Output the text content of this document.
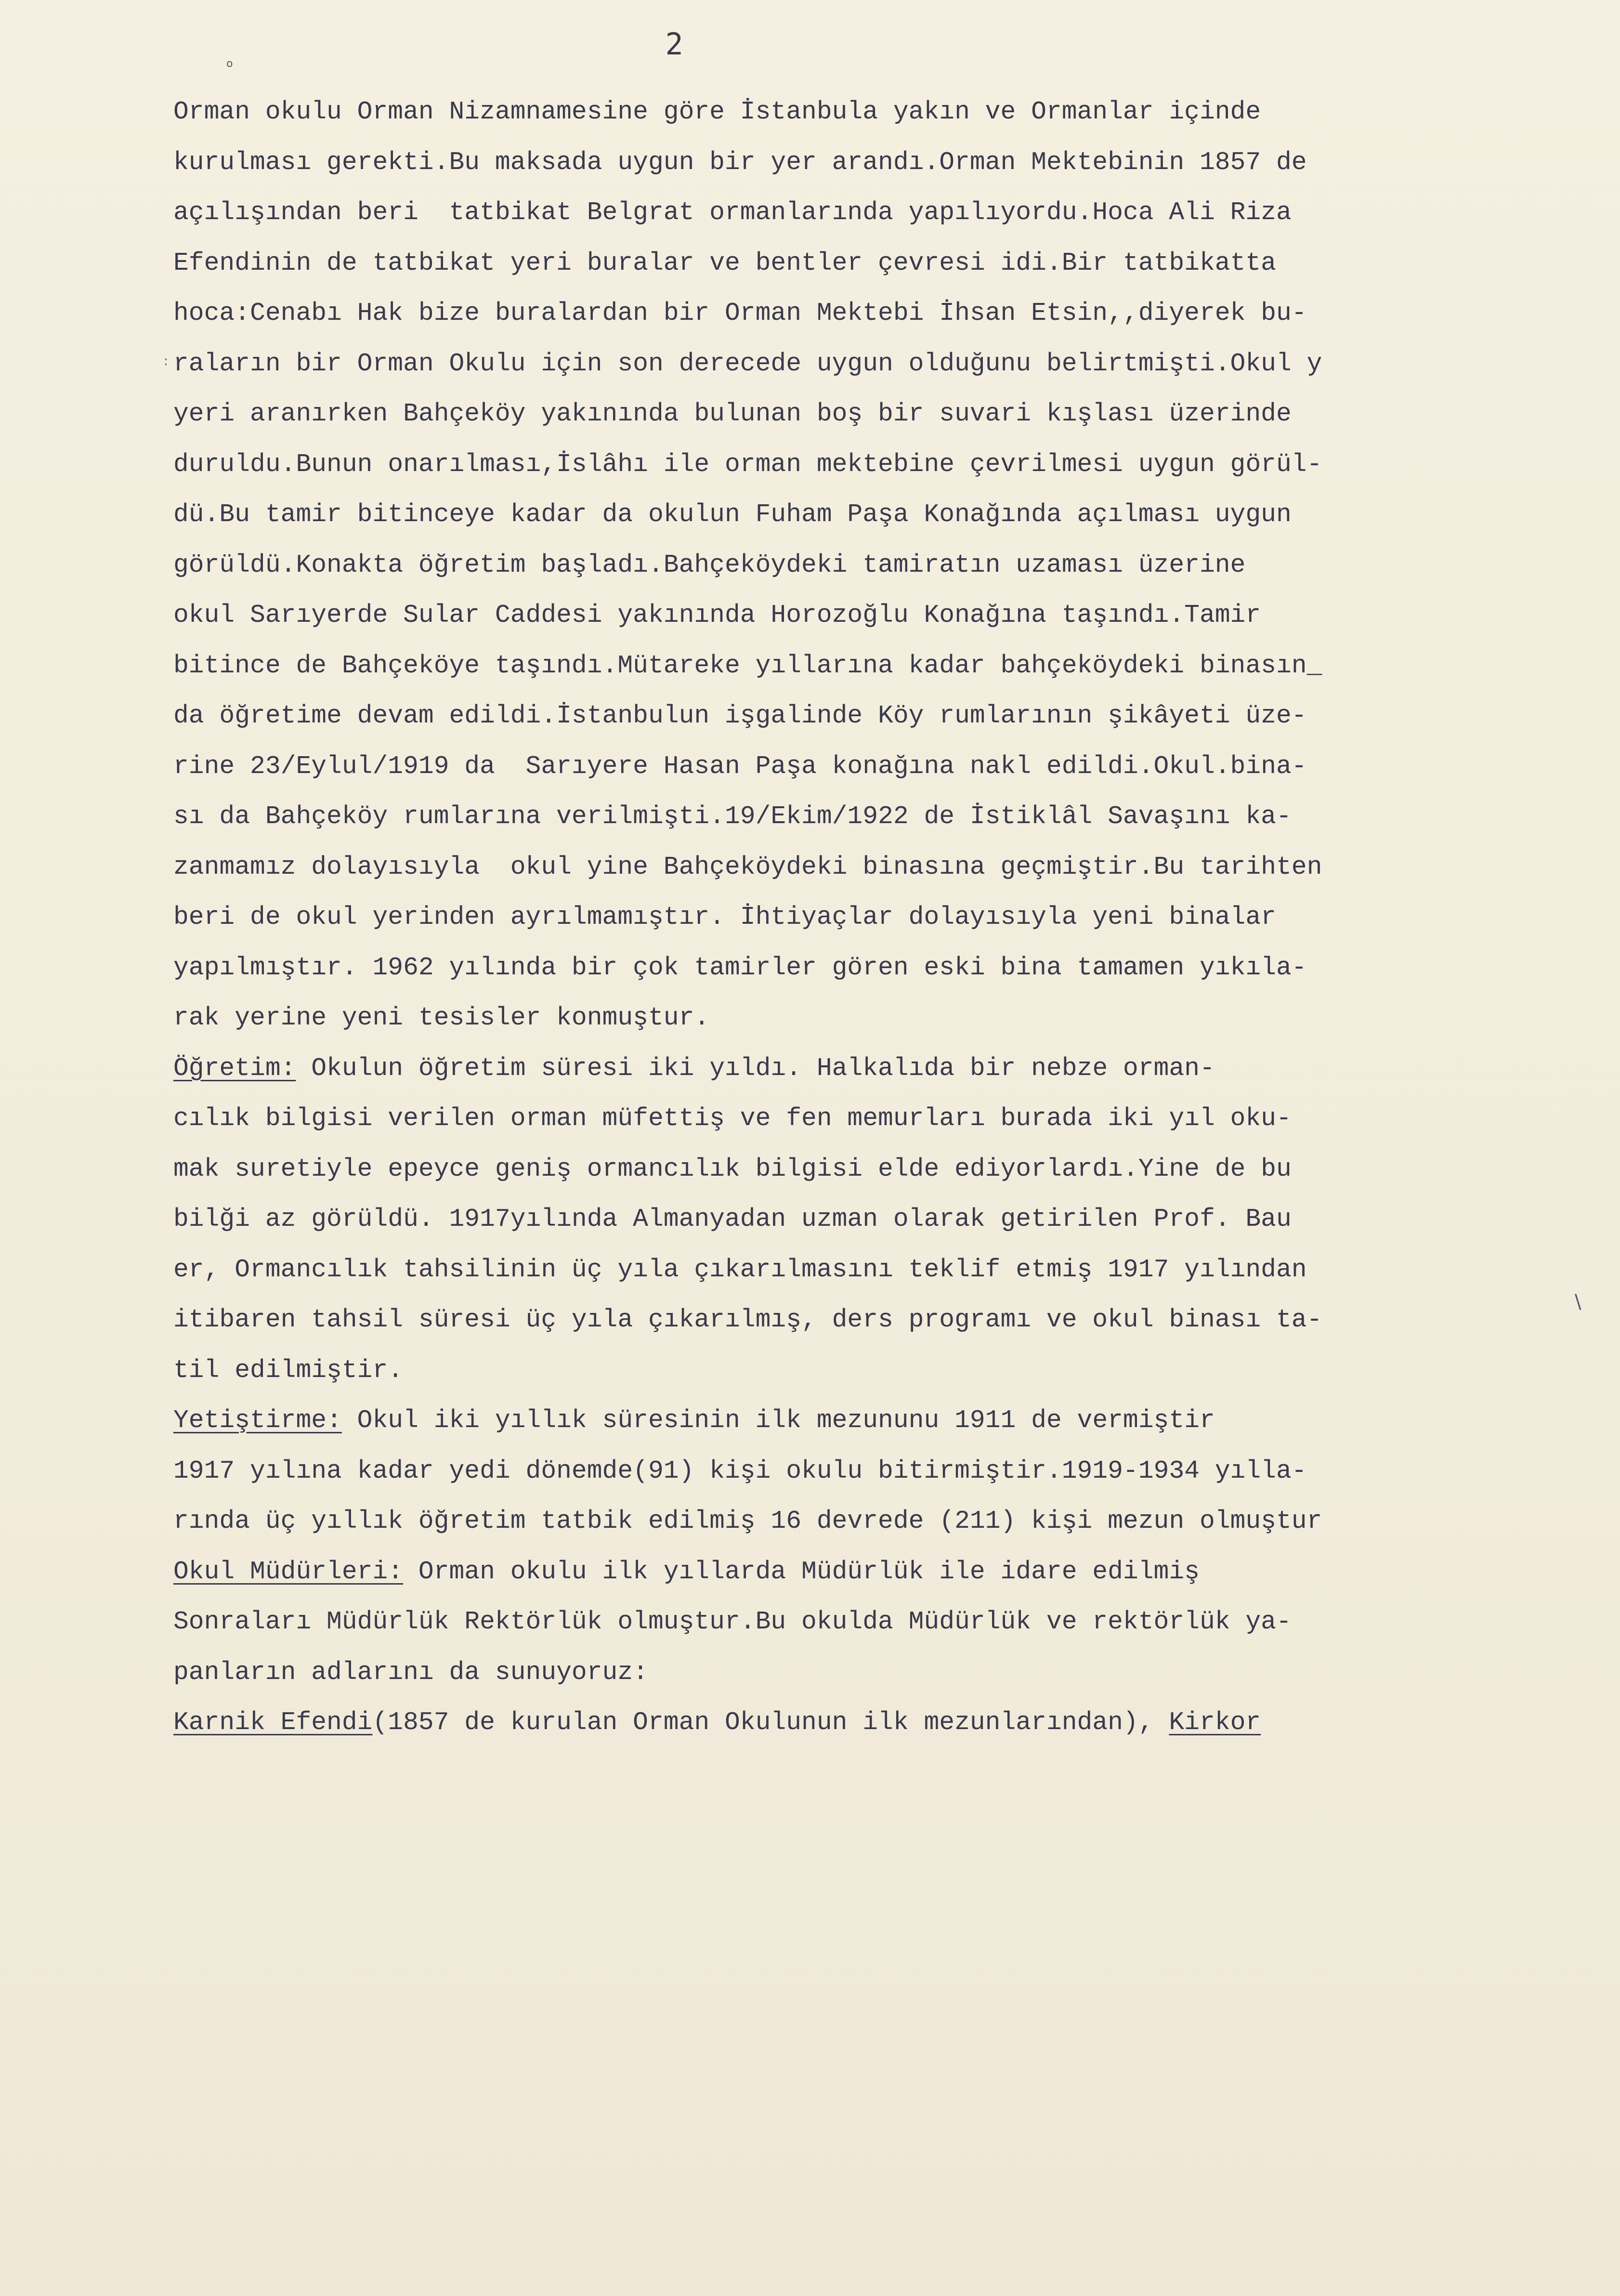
2
Orman okulu Orman Nizamnamesine göre İstanbula yakın ve Ormanlar içinde
kurulması gerekti.Bu maksada uygun bir yer arandı.Orman Mektebinin 1857 de
açılışından beri  tatbikat Belgrat ormanlarında yapılıyordu.Hoca Ali Riza
Efendinin de tatbikat yeri buralar ve bentler çevresi idi.Bir tatbikatta
hoca:Cenabı Hak bize buralardan bir Orman Mektebi İhsan Etsin,,diyerek bu-
raların bir Orman Okulu için son derecede uygun olduğunu belirtmişti.Okul y
yeri aranırken Bahçeköy yakınında bulunan boş bir suvari kışlası üzerinde
duruldu.Bunun onarılması,İslâhı ile orman mektebine çevrilmesi uygun görül-
dü.Bu tamir bitinceye kadar da okulun Fuham Paşa Konağında açılması uygun
görüldü.Konakta öğretim başladı.Bahçeköydeki tamiratın uzaması üzerine
okul Sarıyerde Sular Caddesi yakınında Horozoğlu Konağına taşındı.Tamir
bitince de Bahçeköye taşındı.Mütareke yıllarına kadar bahçeköydeki binasın_
da öğretime devam edildi.İstanbulun işgalinde Köy rumlarının şikâyeti üze-
rine 23/Eylul/1919 da  Sarıyere Hasan Paşa konağına nakl edildi.Okul.bina-
sı da Bahçeköy rumlarına verilmişti.19/Ekim/1922 de İstiklâl Savaşını ka-
zanmamız dolayısıyla  okul yine Bahçeköydeki binasına geçmiştir.Bu tarihten
beri de okul yerinden ayrılmamıştır. İhtiyaçlar dolayısıyla yeni binalar
yapılmıştır. 1962 yılında bir çok tamirler gören eski bina tamamen yıkıla-
rak yerine yeni tesisler konmuştur.
Öğretim: Okulun öğretim süresi iki yıldı. Halkalıda bir nebze orman-
cılık bilgisi verilen orman müfettiş ve fen memurları burada iki yıl oku-
mak suretiyle epeyce geniş ormancılık bilgisi elde ediyorlardı.Yine de bu
bilği az görüldü. 1917yılında Almanyadan uzman olarak getirilen Prof. Bau
er, Ormancılık tahsilinin üç yıla çıkarılmasını teklif etmiş 1917 yılından
itibaren tahsil süresi üç yıla çıkarılmış, ders programı ve okul binası ta-
til edilmiştir.
Yetiştirme: Okul iki yıllık süresinin ilk mezununu 1911 de vermiştir
1917 yılına kadar yedi dönemde(91) kişi okulu bitirmiştir.1919-1934 yılla-
rında üç yıllık öğretim tatbik edilmiş 16 devrede (211) kişi mezun olmuştur
Okul Müdürleri: Orman okulu ilk yıllarda Müdürlük ile idare edilmiş
Sonraları Müdürlük Rektörlük olmuştur.Bu okulda Müdürlük ve rektörlük ya-
panların adlarını da sunuyoruz:
Karnik Efendi(1857 de kurulan Orman Okulunun ilk mezunlarından), Kirkor
o
:
\
